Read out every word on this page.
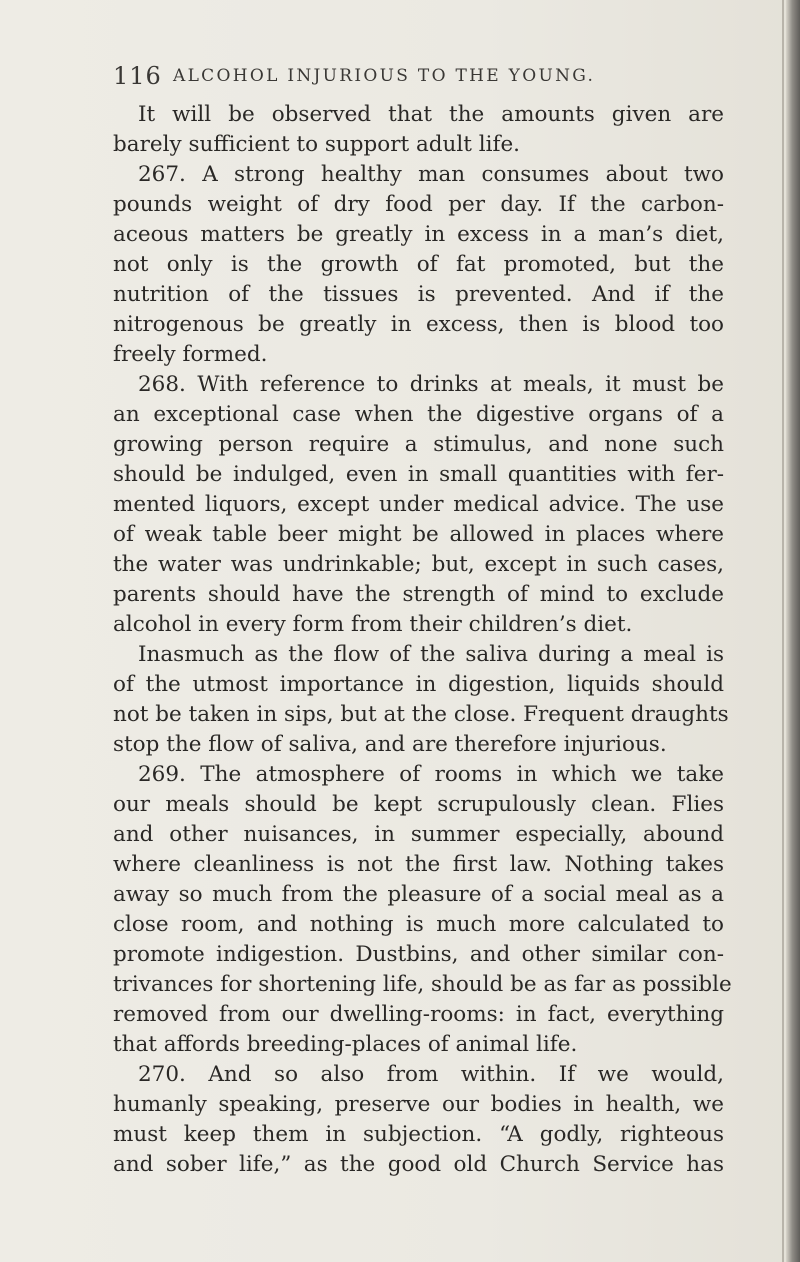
116 ALCOHOL INJURIOUS TO THE YOUNG.
It will be observed that the amounts given are
barely sufficient to support adult life.
267. A strong healthy man consumes about two
pounds weight of dry food per day. If the carbon-
aceous matters be greatly in excess in a man’s diet,
not only is the growth of fat promoted, but the
nutrition of the tissues is prevented. And if the
nitrogenous be greatly in excess, then is blood too
freely formed.
268. With reference to drinks at meals, it must be
an exceptional case when the digestive organs of a
growing person require a stimulus, and none such
should be indulged, even in small quantities with fer-
mented liquors, except under medical advice. The use
of weak table beer might be allowed in places where
the water was undrinkable; but, except in such cases,
parents should have the strength of mind to exclude
alcohol in every form from their children’s diet.
Inasmuch as the flow of the saliva during a meal is
of the utmost importance in digestion, liquids should
not be taken in sips, but at the close. Frequent draughts
stop the flow of saliva, and are therefore injurious.
269. The atmosphere of rooms in which we take
our meals should be kept scrupulously clean. Flies
and other nuisances, in summer especially, abound
where cleanliness is not the first law. Nothing takes
away so much from the pleasure of a social meal as a
close room, and nothing is much more calculated to
promote indigestion. Dustbins, and other similar con-
trivances for shortening life, should be as far as possible
removed from our dwelling-rooms: in fact, everything
that affords breeding-places of animal life.
270. And so also from within. If we would,
humanly speaking, preserve our bodies in health, we
must keep them in subjection. “A godly, righteous
and sober life,” as the good old Church Service has
